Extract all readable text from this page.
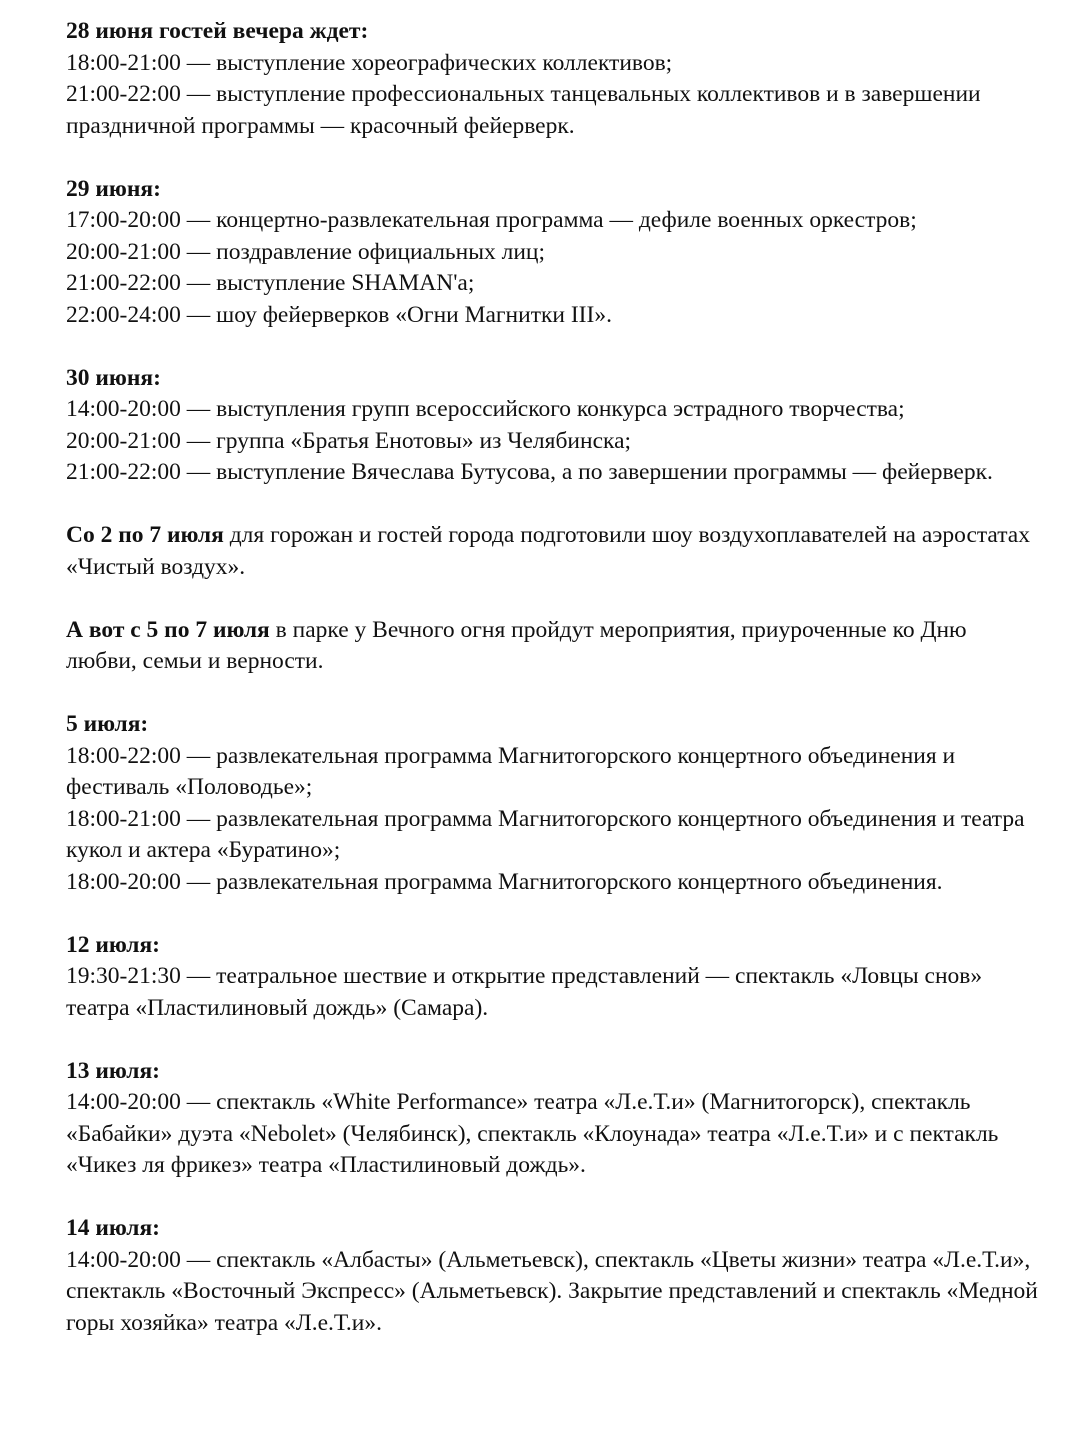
28 июня гостей вечера ждет:

18:00-21:00 — выступление хореографических коллективов;

21:00-22:00 — выступление профессиональных танцевальных коллективов и в завершении праздничной программы — красочный фейерверк.

29 июня:

17:00-20:00 — концертно-развлекательная программа — дефиле военных оркестров;

20:00-21:00 — поздравление официальных лиц;

21:00-22:00 — выступление SHAMAN'а;

22:00-24:00 — шоу фейерверков «Огни Магнитки III».

30 июня:

14:00-20:00 — выступления групп всероссийского конкурса эстрадного творчества;

20:00-21:00 — группа «Братья Енотовы» из Челябинска;

21:00-22:00 — выступление Вячеслава Бутусова, а по завершении программы — фейерверк.

Со 2 по 7 июля для горожан и гостей города подготовили шоу воздухоплавателей на аэростатах «Чистый воздух».

А вот с 5 по 7 июля в парке у Вечного огня пройдут мероприятия, приуроченные ко Дню любви, семьи и верности.

5 июля:

18:00-22:00 — развлекательная программа Магнитогорского концертного объединения и фестиваль «Половодье»;

18:00-21:00 — развлекательная программа Магнитогорского концертного объединения и театра кукол и актера «Буратино»;

18:00-20:00 — развлекательная программа Магнитогорского концертного объединения.

12 июля:

19:30-21:30 — театральное шествие и открытие представлений — спектакль «Ловцы снов» театра «Пластилиновый дождь» (Самара).

13 июля:

14:00-20:00 — спектакль «White Performance» театра «Л.е.Т.и» (Магнитогорск), спектакль «Бабайки» дуэта «Nebolet» (Челябинск), спектакль «Клоунада» театра «Л.е.Т.и» и с пектакль «Чикез ля фрикез» театра «Пластилиновый дождь».

14 июля:

14:00-20:00 — спектакль «Албасты» (Альметьевск), спектакль «Цветы жизни» театра «Л.е.Т.и», спектакль «Восточный Экспресс» (Альметьевск). Закрытие представлений и спектакль «Медной горы хозяйка» театра «Л.е.Т.и».
